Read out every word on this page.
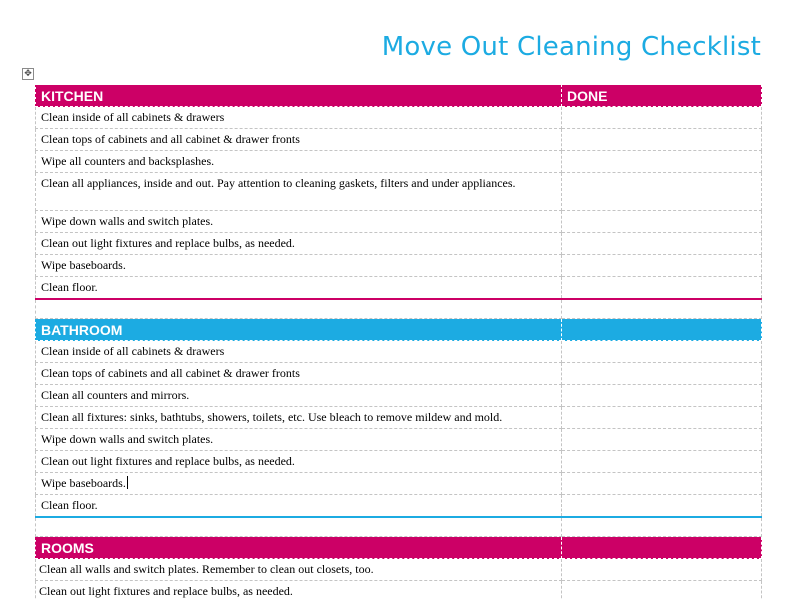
Move Out Cleaning Checklist
✥
KITCHEN	DONE
Clean inside of all cabinets & drawers	
Clean tops of cabinets and all cabinet & drawer fronts	
Wipe all counters and backsplashes.	
Clean all appliances, inside and out. Pay attention to cleaning gaskets, filters and under appliances.	
Wipe down walls and switch plates.	
Clean out light fixtures and replace bulbs, as needed.	
Wipe baseboards.	
Clean floor.	

BATHROOM	
Clean inside of all cabinets & drawers	
Clean tops of cabinets and all cabinet & drawer fronts	
Clean all counters and mirrors.	
Clean all fixtures: sinks, bathtubs, showers, toilets, etc. Use bleach to remove mildew and mold.	
Wipe down walls and switch plates.	
Clean out light fixtures and replace bulbs, as needed.	
Wipe baseboards.	
Clean floor.	

ROOMS	
Clean all walls and switch plates. Remember to clean out closets, too.	
Clean out light fixtures and replace bulbs, as needed.	
